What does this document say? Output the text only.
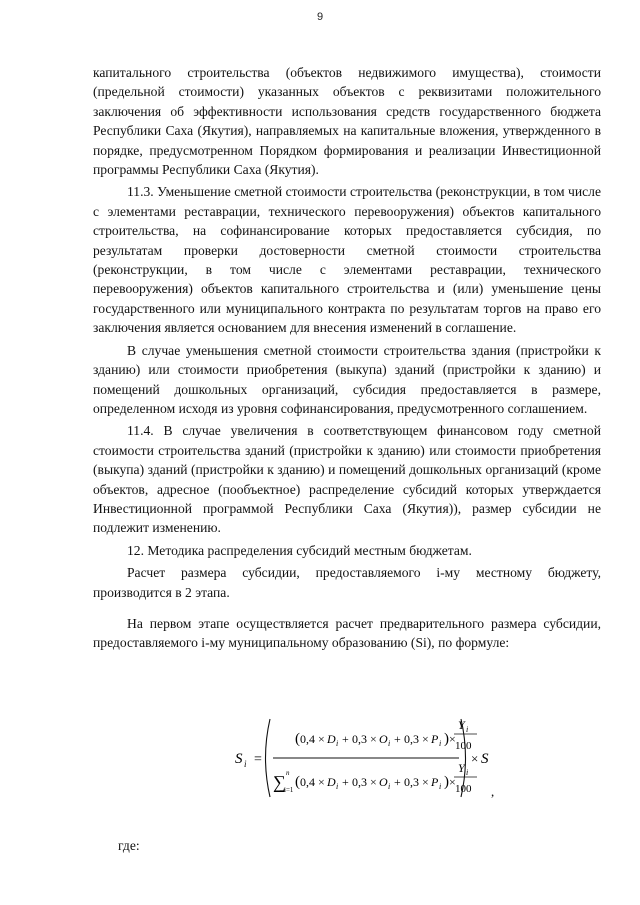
9

капитального строительства (объектов недвижимого имущества), стоимости (предельной стоимости) указанных объектов с реквизитами положительного заключения об эффективности использования средств государственного бюджета Республики Саха (Якутия), направляемых на капитальные вложения, утвержденного в порядке, предусмотренном Порядком формирования и реализации Инвестиционной программы Республики Саха (Якутия).

11.3. Уменьшение сметной стоимости строительства (реконструкции, в том числе с элементами реставрации, технического перевооружения) объектов капитального строительства, на софинансирование которых предоставляется субсидия, по результатам проверки достоверности сметной стоимости строительства (реконструкции, в том числе с элементами реставрации, технического перевооружения) объектов капитального строительства и (или) уменьшение цены государственного или муниципального контракта по результатам торгов на право его заключения является основанием для внесения изменений в соглашение.

В случае уменьшения сметной стоимости строительства здания (пристройки к зданию) или стоимости приобретения (выкупа) зданий (пристройки к зданию) и помещений дошкольных организаций, субсидия предоставляется в размере, определенном исходя из уровня софинансирования, предусмотренного соглашением.

11.4. В случае увеличения в соответствующем финансовом году сметной стоимости строительства зданий (пристройки к зданию) или стоимости приобретения (выкупа) зданий (пристройки к зданию) и помещений дошкольных организаций (кроме объектов, адресное (пообъектное) распределение субсидий которых утверждается Инвестиционной программой Республики Саха (Якутия)), размер субсидии не подлежит изменению.

12. Методика распределения субсидий местным бюджетам.

Расчет размера субсидии, предоставляемого i-му местному бюджету, производится в 2 этапа.

На первом этапе осуществляется расчет предварительного размера субсидии, предоставляемого i-му муниципальному образованию (Si), по формуле:

S i =
( 0,4 × D i + 0,3 × O i + 0,3 × P i ) ×
Y i
100
∑ n
i=1 ( 0,4 × D i + 0,3 × O i + 0,3 × P i ) ×
Y i
100
× S
,
где:
